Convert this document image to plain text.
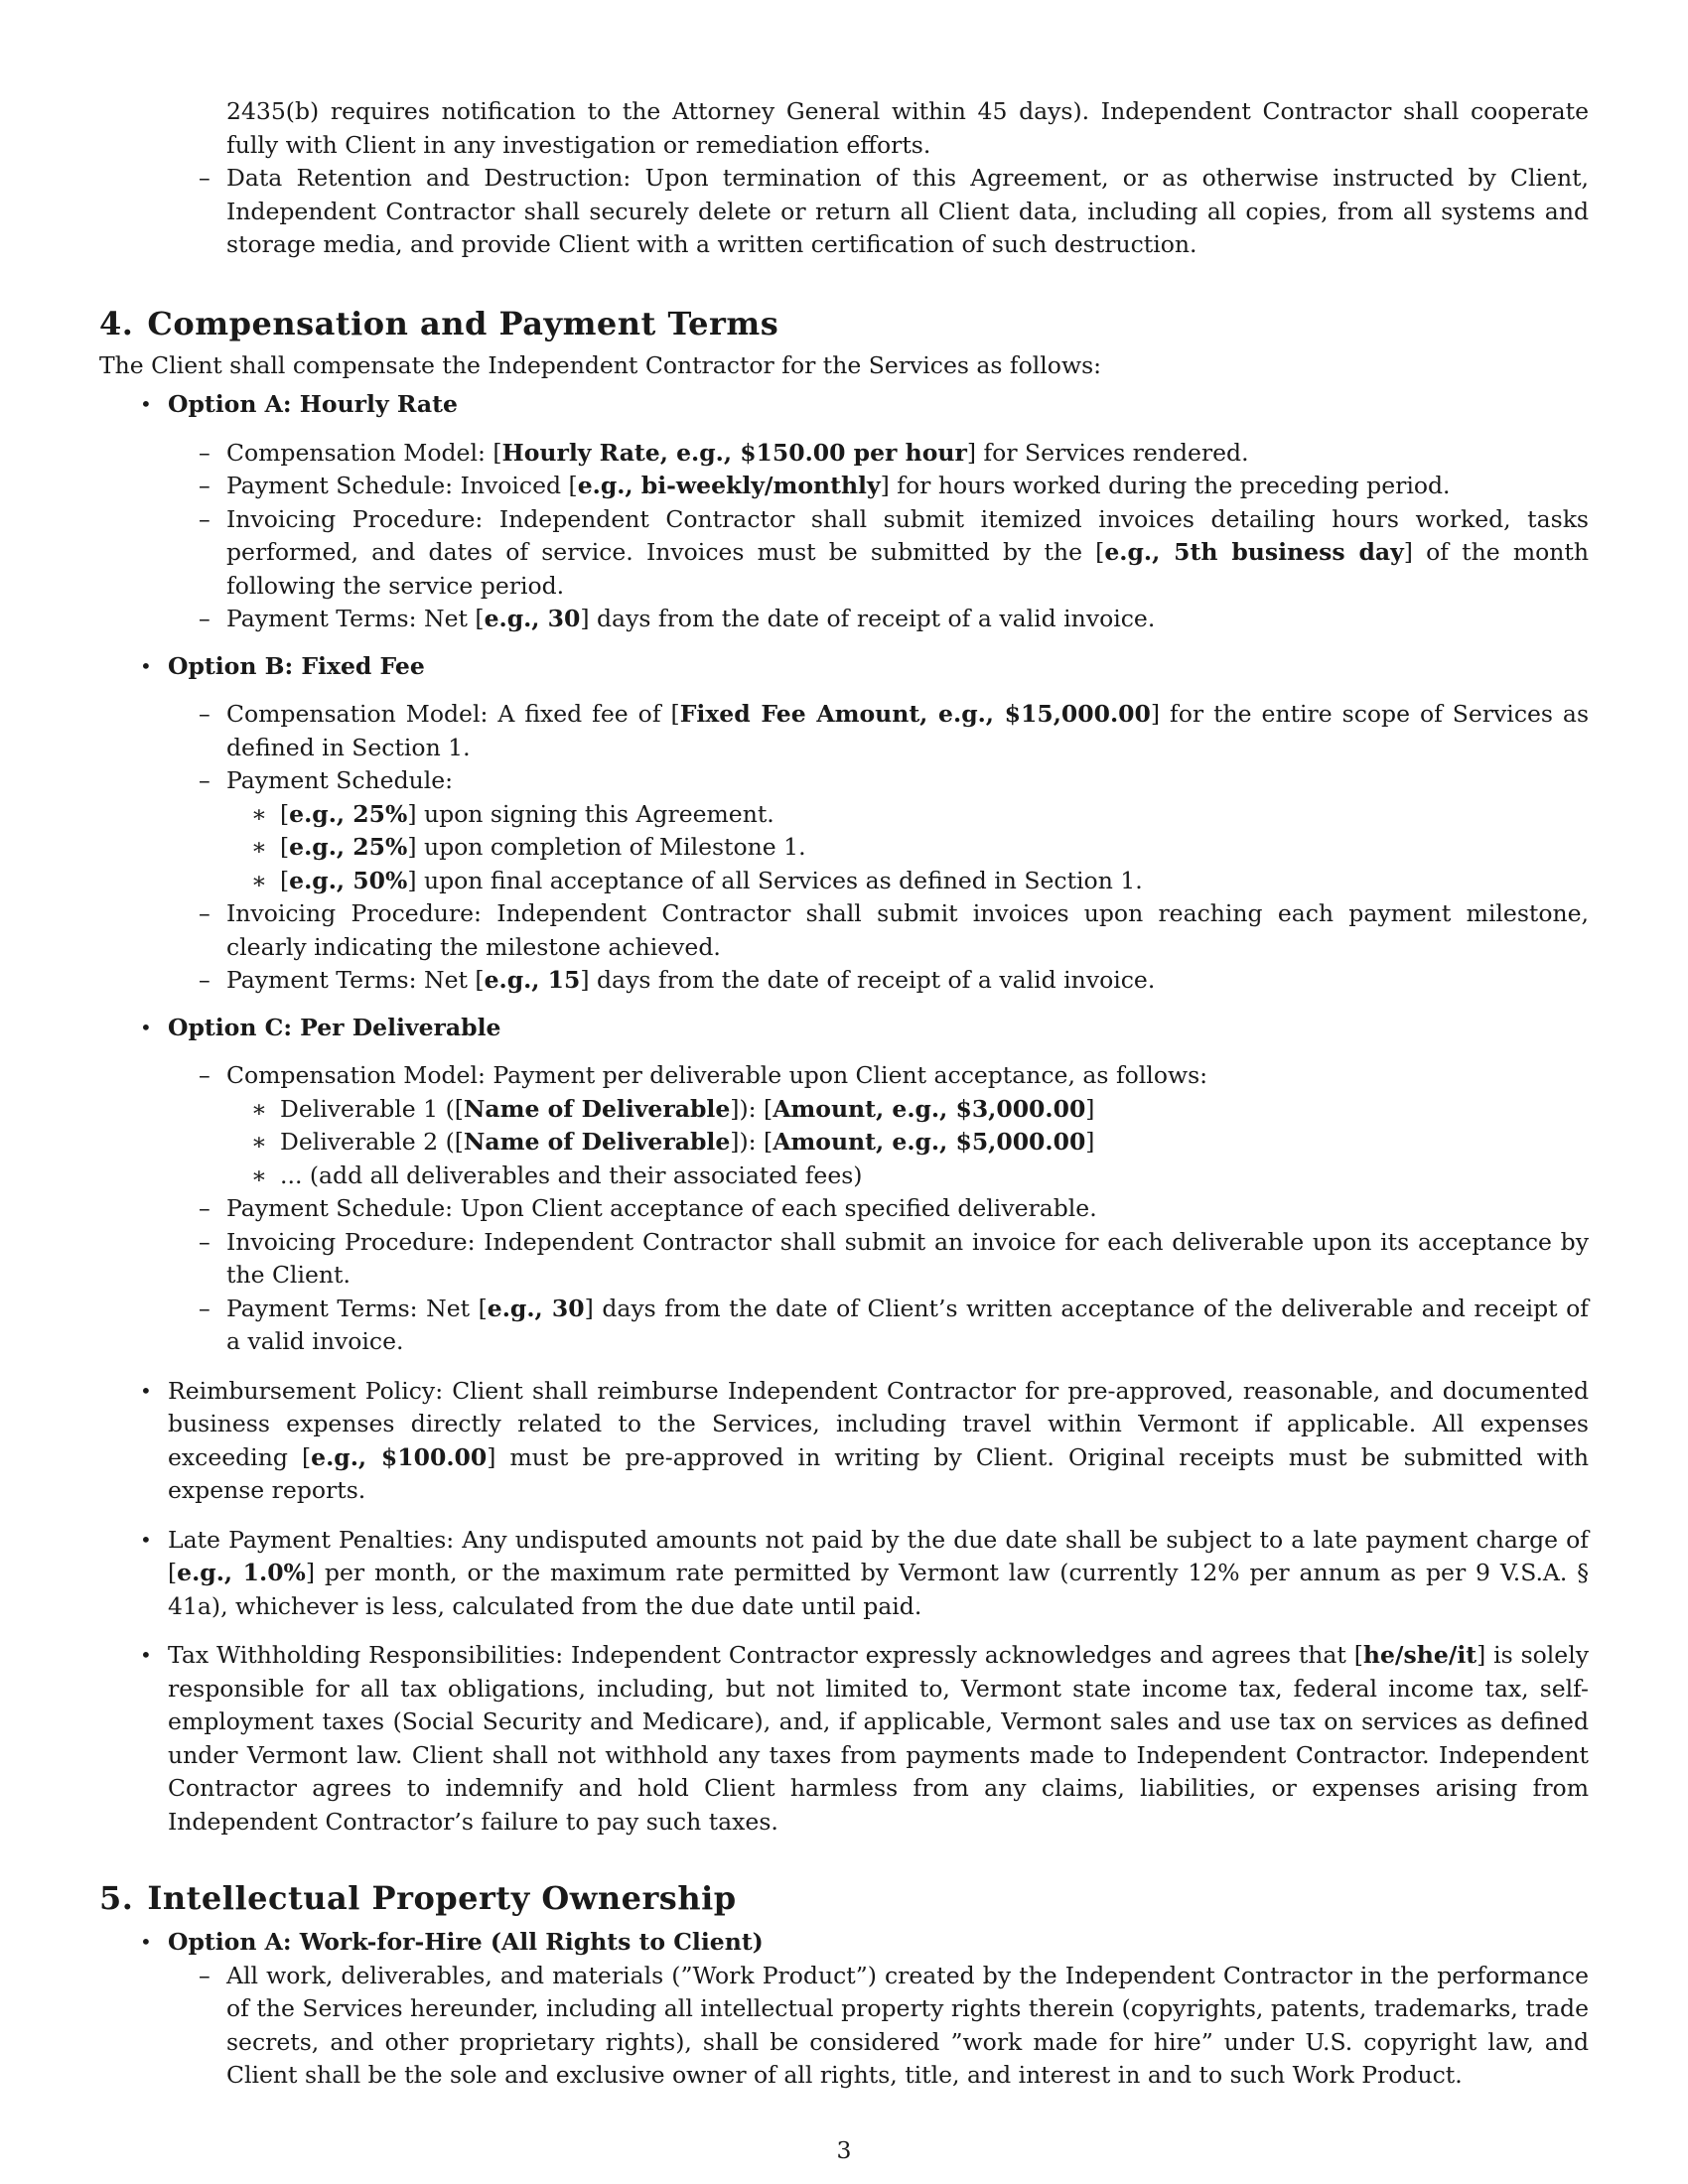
2435(b) requires notification to the Attorney General within 45 days). Independent Contractor shall cooperate fully with Client in any investigation or remediation efforts.

– Data Retention and Destruction: Upon termination of this Agreement, or as otherwise instructed by Client, Independent Contractor shall securely delete or return all Client data, including all copies, from all systems and storage media, and provide Client with a written certification of such destruction.

4. Compensation and Payment Terms

The Client shall compensate the Independent Contractor for the Services as follows:

• Option A: Hourly Rate

– Compensation Model: [Hourly Rate, e.g., $150.00 per hour] for Services rendered.

– Payment Schedule: Invoiced [e.g., bi-weekly/monthly] for hours worked during the preceding period.

– Invoicing Procedure: Independent Contractor shall submit itemized invoices detailing hours worked, tasks performed, and dates of service. Invoices must be submitted by the [e.g., 5th business day] of the month following the service period.

– Payment Terms: Net [e.g., 30] days from the date of receipt of a valid invoice.

• Option B: Fixed Fee

– Compensation Model: A fixed fee of [Fixed Fee Amount, e.g., $15,000.00] for the entire scope of Services as defined in Section 1.

– Payment Schedule:

∗ [e.g., 25%] upon signing this Agreement.

∗ [e.g., 25%] upon completion of Milestone 1.

∗ [e.g., 50%] upon final acceptance of all Services as defined in Section 1.

– Invoicing Procedure: Independent Contractor shall submit invoices upon reaching each payment milestone, clearly indicating the milestone achieved.

– Payment Terms: Net [e.g., 15] days from the date of receipt of a valid invoice.

• Option C: Per Deliverable

– Compensation Model: Payment per deliverable upon Client acceptance, as follows:

∗ Deliverable 1 ([Name of Deliverable]): [Amount, e.g., $3,000.00]

∗ Deliverable 2 ([Name of Deliverable]): [Amount, e.g., $5,000.00]

∗ ... (add all deliverables and their associated fees)

– Payment Schedule: Upon Client acceptance of each specified deliverable.

– Invoicing Procedure: Independent Contractor shall submit an invoice for each deliverable upon its acceptance by the Client.

– Payment Terms: Net [e.g., 30] days from the date of Client’s written acceptance of the deliverable and receipt of a valid invoice.

• Reimbursement Policy: Client shall reimburse Independent Contractor for pre-approved, reasonable, and documented business expenses directly related to the Services, including travel within Vermont if applicable. All expenses exceeding [e.g., $100.00] must be pre-approved in writing by Client. Original receipts must be submitted with expense reports.

• Late Payment Penalties: Any undisputed amounts not paid by the due date shall be subject to a late payment charge of [e.g., 1.0%] per month, or the maximum rate permitted by Vermont law (currently 12% per annum as per 9 V.S.A. § 41a), whichever is less, calculated from the due date until paid.

• Tax Withholding Responsibilities: Independent Contractor expressly acknowledges and agrees that [he/she/it] is solely responsible for all tax obligations, including, but not limited to, Vermont state income tax, federal income tax, self-employment taxes (Social Security and Medicare), and, if applicable, Vermont sales and use tax on services as defined under Vermont law. Client shall not withhold any taxes from payments made to Independent Contractor. Independent Contractor agrees to indemnify and hold Client harmless from any claims, liabilities, or expenses arising from Independent Contractor’s failure to pay such taxes.

5. Intellectual Property Ownership

• Option A: Work-for-Hire (All Rights to Client)

– All work, deliverables, and materials (”Work Product”) created by the Independent Contractor in the performance of the Services hereunder, including all intellectual property rights therein (copyrights, patents, trademarks, trade secrets, and other proprietary rights), shall be considered ”work made for hire” under U.S. copyright law, and Client shall be the sole and exclusive owner of all rights, title, and interest in and to such Work Product.

3
